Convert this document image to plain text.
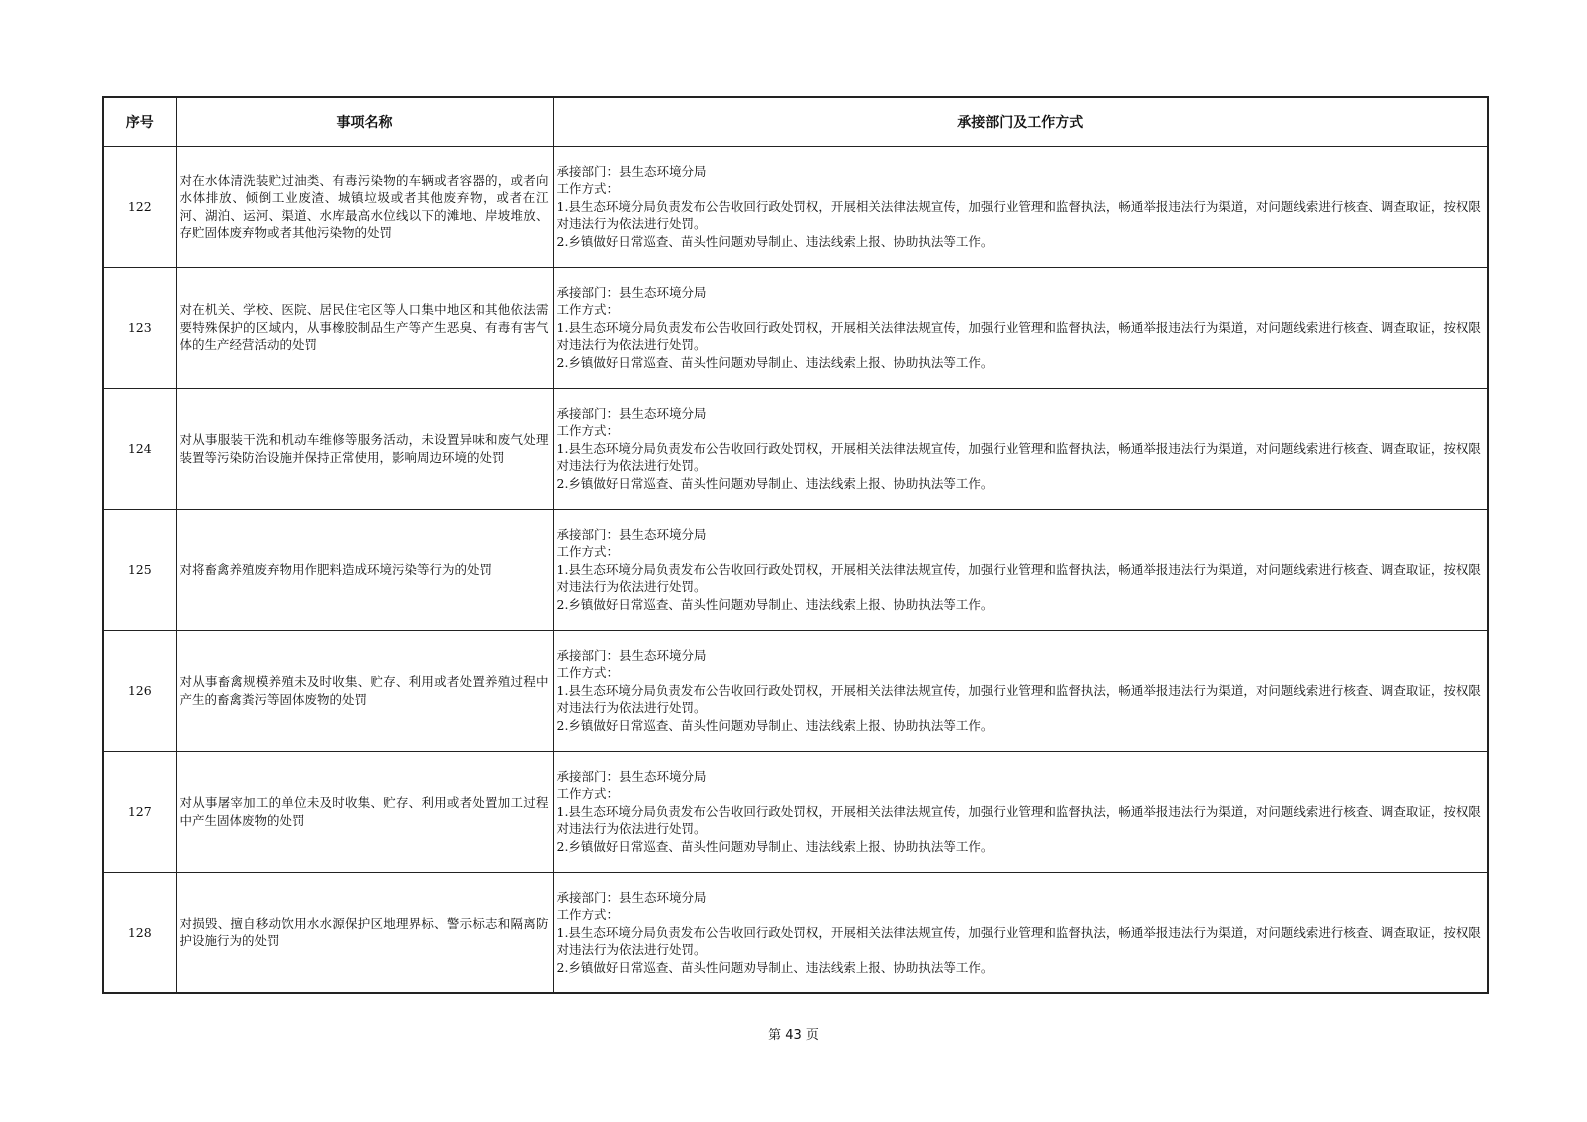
序号	事项名称	承接部门及工作方式
122	对在水体清洗装贮过油类、有毒污染物的车辆或者容器的，或者向水体排放、倾倒工业废渣、城镇垃圾或者其他废弃物，或者在江河、湖泊、运河、渠道、水库最高水位线以下的滩地、岸坡堆放、存贮固体废弃物或者其他污染物的处罚	承接部门：县生态环境分局
工作方式：
1.县生态环境分局负责发布公告收回行政处罚权，开展相关法律法规宣传，加强行业管理和监督执法，畅通举报违法行为渠道，对问题线索进行核查、调查取证，按权限对违法行为依法进行处罚。
2.乡镇做好日常巡查、苗头性问题劝导制止、违法线索上报、协助执法等工作。

123	对在机关、学校、医院、居民住宅区等人口集中地区和其他依法需要特殊保护的区域内，从事橡胶制品生产等产生恶臭、有毒有害气体的生产经营活动的处罚	承接部门：县生态环境分局
工作方式：
1.县生态环境分局负责发布公告收回行政处罚权，开展相关法律法规宣传，加强行业管理和监督执法，畅通举报违法行为渠道，对问题线索进行核查、调查取证，按权限对违法行为依法进行处罚。
2.乡镇做好日常巡查、苗头性问题劝导制止、违法线索上报、协助执法等工作。

124	对从事服装干洗和机动车维修等服务活动，未设置异味和废气处理装置等污染防治设施并保持正常使用，影响周边环境的处罚	承接部门：县生态环境分局
工作方式：
1.县生态环境分局负责发布公告收回行政处罚权，开展相关法律法规宣传，加强行业管理和监督执法，畅通举报违法行为渠道，对问题线索进行核查、调查取证，按权限对违法行为依法进行处罚。
2.乡镇做好日常巡查、苗头性问题劝导制止、违法线索上报、协助执法等工作。

125	对将畜禽养殖废弃物用作肥料造成环境污染等行为的处罚	承接部门：县生态环境分局
工作方式：
1.县生态环境分局负责发布公告收回行政处罚权，开展相关法律法规宣传，加强行业管理和监督执法，畅通举报违法行为渠道，对问题线索进行核查、调查取证，按权限对违法行为依法进行处罚。
2.乡镇做好日常巡查、苗头性问题劝导制止、违法线索上报、协助执法等工作。

126	对从事畜禽规模养殖未及时收集、贮存、利用或者处置养殖过程中产生的畜禽粪污等固体废物的处罚	承接部门：县生态环境分局
工作方式：
1.县生态环境分局负责发布公告收回行政处罚权，开展相关法律法规宣传，加强行业管理和监督执法，畅通举报违法行为渠道，对问题线索进行核查、调查取证，按权限对违法行为依法进行处罚。
2.乡镇做好日常巡查、苗头性问题劝导制止、违法线索上报、协助执法等工作。

127	对从事屠宰加工的单位未及时收集、贮存、利用或者处置加工过程中产生固体废物的处罚	承接部门：县生态环境分局
工作方式：
1.县生态环境分局负责发布公告收回行政处罚权，开展相关法律法规宣传，加强行业管理和监督执法，畅通举报违法行为渠道，对问题线索进行核查、调查取证，按权限对违法行为依法进行处罚。
2.乡镇做好日常巡查、苗头性问题劝导制止、违法线索上报、协助执法等工作。

128	对损毁、擅自移动饮用水水源保护区地理界标、警示标志和隔离防护设施行为的处罚	承接部门：县生态环境分局
工作方式：
1.县生态环境分局负责发布公告收回行政处罚权，开展相关法律法规宣传，加强行业管理和监督执法，畅通举报违法行为渠道，对问题线索进行核查、调查取证，按权限对违法行为依法进行处罚。
2.乡镇做好日常巡查、苗头性问题劝导制止、违法线索上报、协助执法等工作。
第 43 页
